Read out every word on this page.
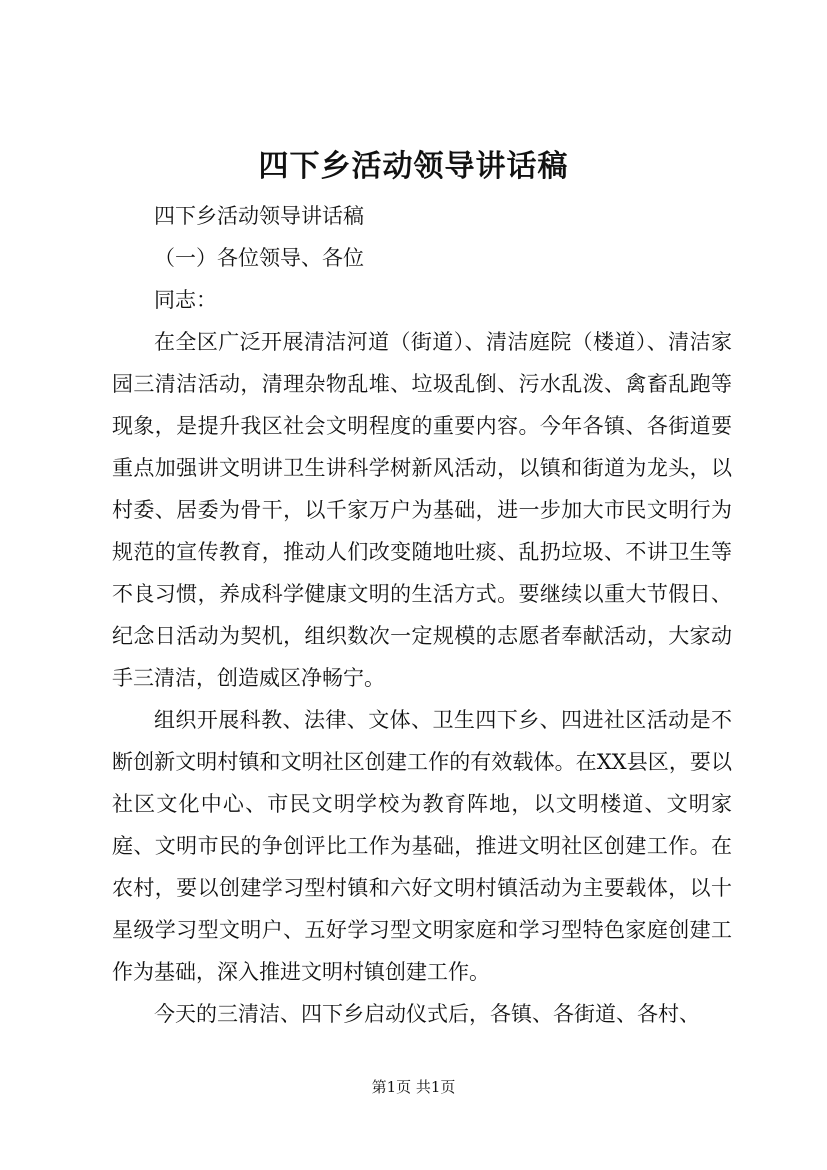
四下乡活动领导讲话稿

四下乡活动领导讲话稿

（一）各位领导、各位

同志：

在全区广泛开展清洁河道（街道）、清洁庭院（楼道）、清洁家园三清洁活动，清理杂物乱堆、垃圾乱倒、污水乱泼、禽畜乱跑等现象，是提升我区社会文明程度的重要内容。今年各镇、各街道要重点加强讲文明讲卫生讲科学树新风活动，以镇和街道为龙头，以村委、居委为骨干，以千家万户为基础，进一步加大市民文明行为规范的宣传教育，推动人们改变随地吐痰、乱扔垃圾、不讲卫生等不良习惯，养成科学健康文明的生活方式。要继续以重大节假日、纪念日活动为契机，组织数次一定规模的志愿者奉献活动，大家动手三清洁，创造威区净畅宁。

组织开展科教、法律、文体、卫生四下乡、四进社区活动是不断创新文明村镇和文明社区创建工作的有效载体。在XX县区，要以社区文化中心、市民文明学校为教育阵地，以文明楼道、文明家庭、文明市民的争创评比工作为基础，推进文明社区创建工作。在农村，要以创建学习型村镇和六好文明村镇活动为主要载体，以十星级学习型文明户、五好学习型文明家庭和学习型特色家庭创建工作为基础，深入推进文明村镇创建工作。

今天的三清洁、四下乡启动仪式后，各镇、各街道、各村、

第1页 共1页
